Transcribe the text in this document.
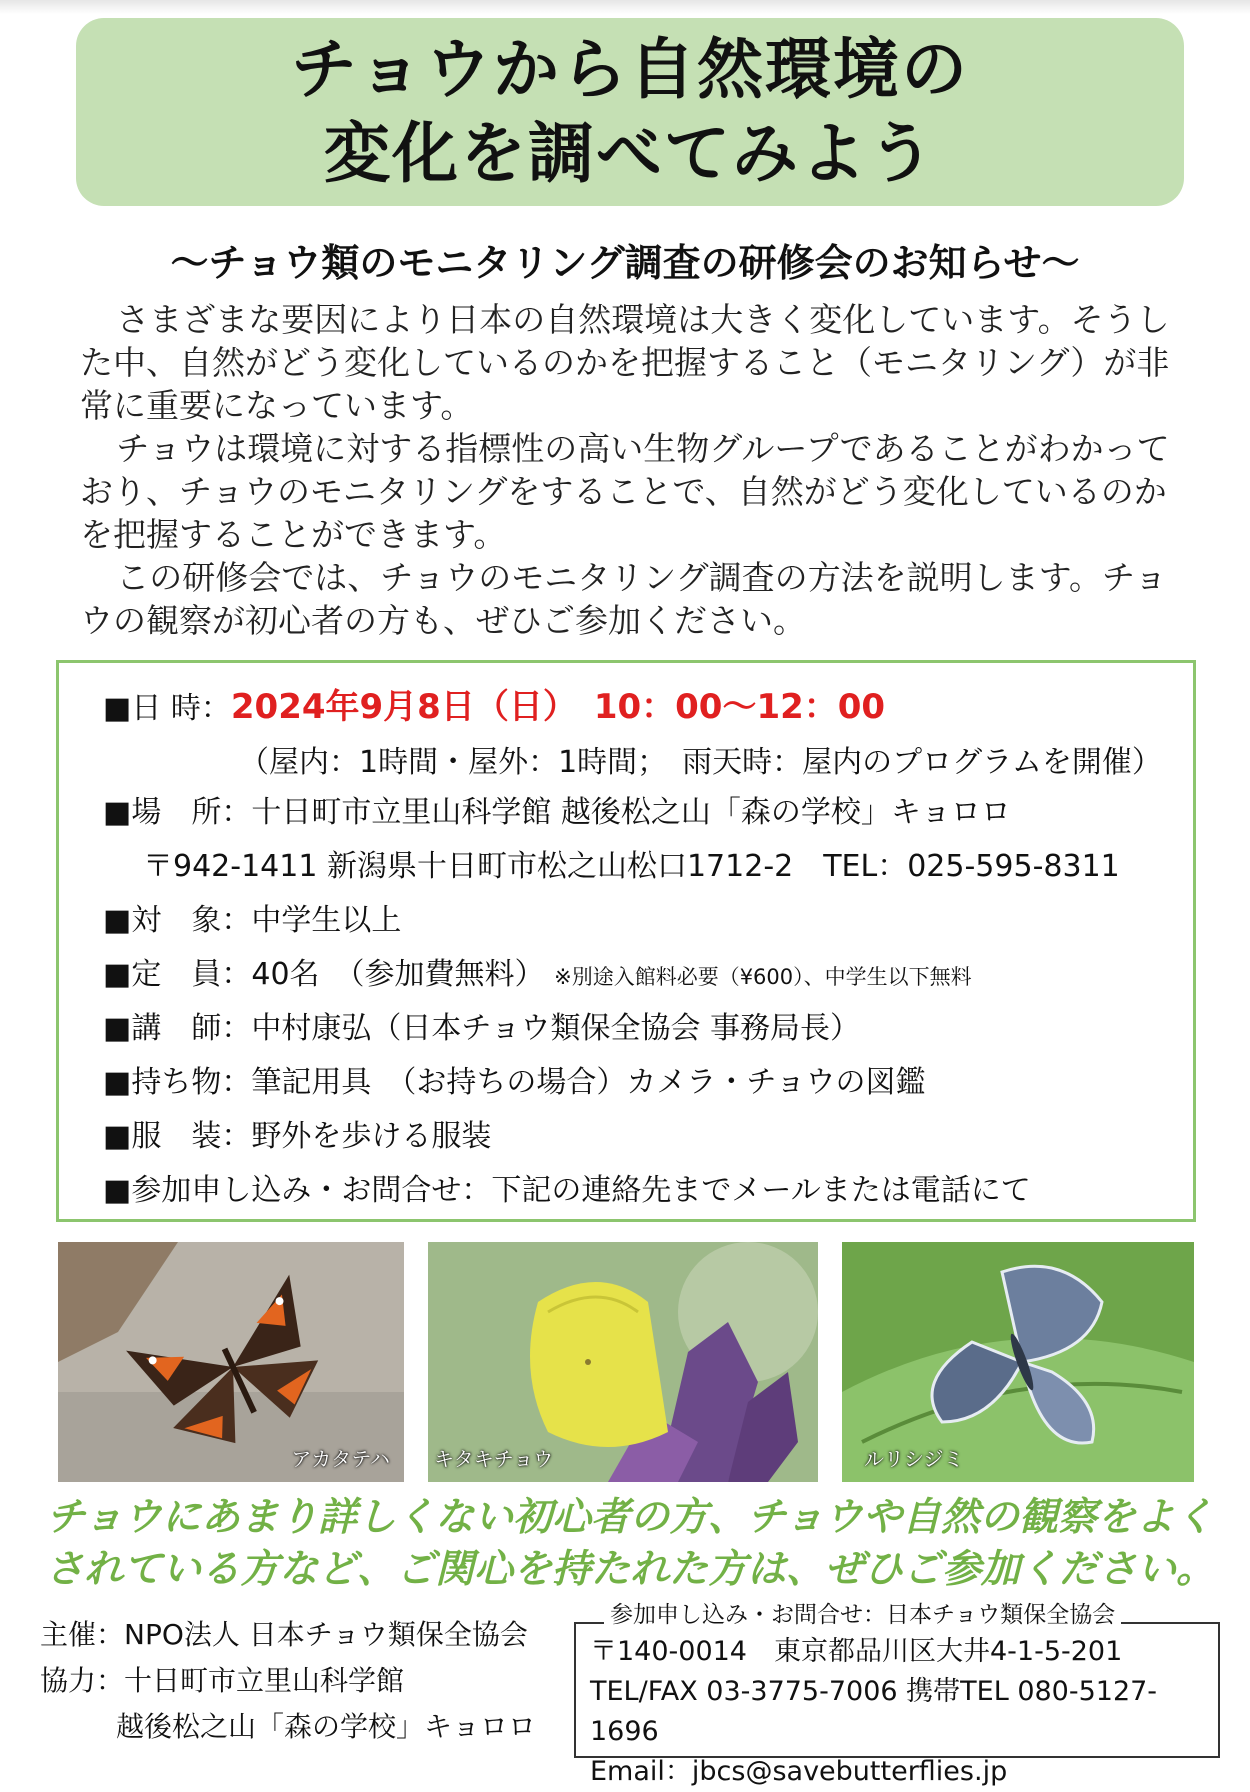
チョウから自然環境の
変化を調べてみよう
～チョウ類のモニタリング調査の研修会のお知らせ～

さまざまな要因により日本の自然環境は大きく変化しています。そうした中、自然がどう変化しているのかを把握すること（モニタリング）が非常に重要になっています。

チョウは環境に対する指標性の高い生物グループであることがわかっており、チョウのモニタリングをすることで、自然がどう変化しているのかを把握することができます。

この研修会では、チョウのモニタリング調査の方法を説明します。チョウの観察が初心者の方も、ぜひご参加ください。

■日 時：2024年9月8日（日）　10：00～12：00
（屋内：1時間・屋外：1時間；　雨天時：屋内のプログラムを開催）
■場　所：十日町市立里山科学館 越後松之山「森の学校」キョロロ
〒942-1411 新潟県十日町市松之山松口1712-2　TEL：025-595-8311
■対　象：中学生以上
■定　員：40名　（参加費無料） ※別途入館料必要（¥600）、中学生以下無料
■講　師：中村康弘（日本チョウ類保全協会 事務局長）
■持ち物：筆記用具　（お持ちの場合）カメラ・チョウの図鑑
■服　装：野外を歩ける服装
■参加申し込み・お問合せ：下記の連絡先までメールまたは電話にて
アカタテハ キタキチョウ	ルリシジミ
チョウにあまり詳しくない初心者の方、チョウや自然の観察をよく
されている方など、ご関心を持たれた方は、ぜひご参加ください。
主催：NPO法人 日本チョウ類保全協会
協力：十日町市立里山科学館
越後松之山「森の学校」キョロロ
〒140-0014　東京都品川区大井4-1-5-201
TEL/FAX 03-3775-7006 携帯TEL 080-5127-1696
Email：jbcs@savebutterflies.jp
参加申し込み・お問合せ：日本チョウ類保全協会
